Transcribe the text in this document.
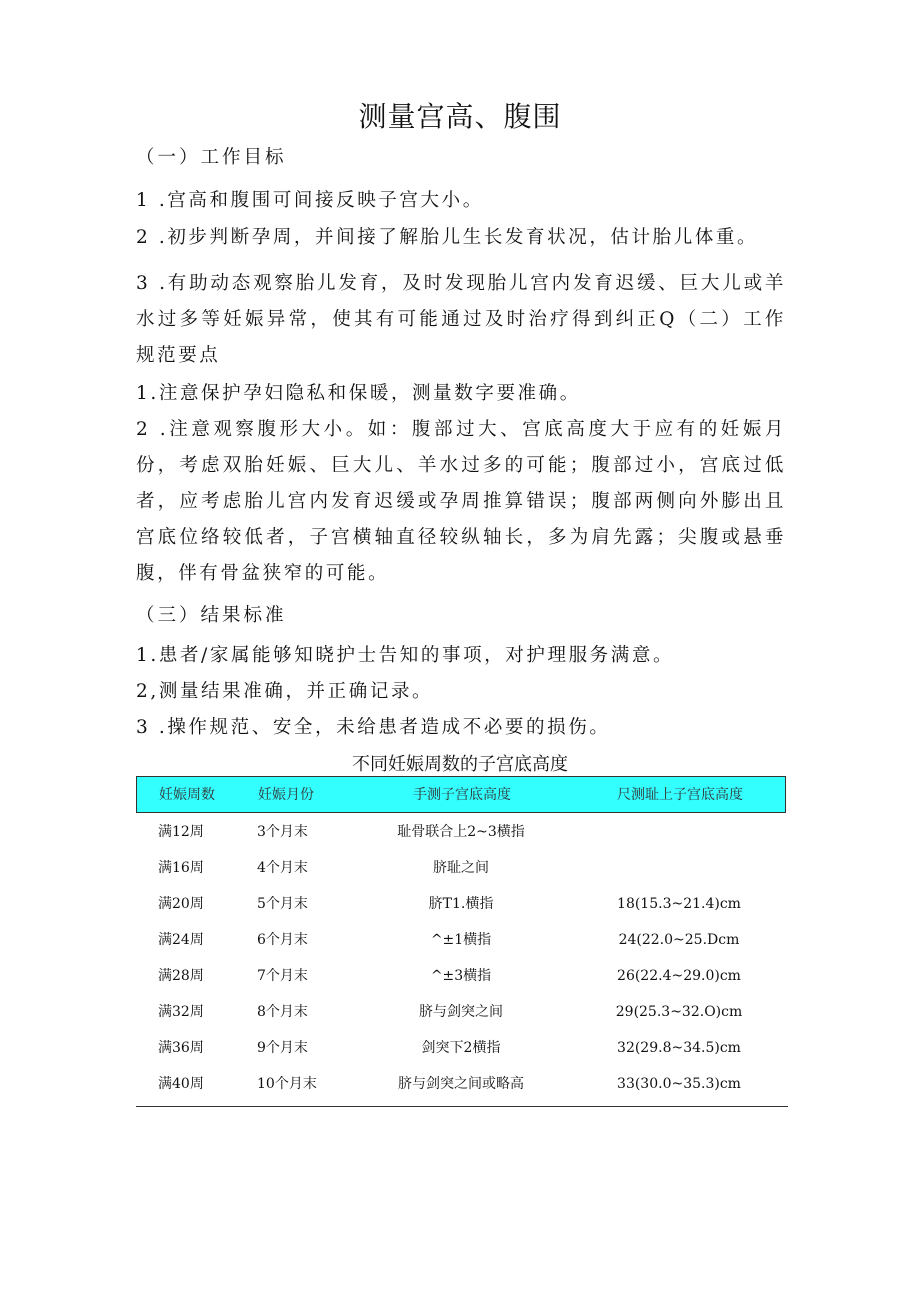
测量宫高、腹围
（一）工作目标
1 .宫高和腹围可间接反映子宫大小。
2 .初步判断孕周，并间接了解胎儿生长发育状况，估计胎儿体重。
3 .有助动态观察胎儿发育，及时发现胎儿宫内发育迟缓、巨大儿或羊水过多等妊娠异常，使其有可能通过及时治疗得到纠正Q（二）工作规范要点
1.注意保护孕妇隐私和保暖，测量数字要准确。
2 .注意观察腹形大小。如：腹部过大、宫底高度大于应有的妊娠月份，考虑双胎妊娠、巨大儿、羊水过多的可能；腹部过小，宫底过低者，应考虑胎儿宫内发育迟缓或孕周推算错误；腹部两侧向外膨出且宫底位络较低者，子宫横轴直径较纵轴长，多为肩先露；尖腹或悬垂腹，伴有骨盆狭窄的可能。
（三）结果标准
1.患者/家属能够知晓护士告知的事项，对护理服务满意。
2,测量结果准确，并正确记录。
3 .操作规范、安全，未给患者造成不必要的损伤。
不同妊娠周数的子宫底高度
妊娠周数	妊娠月份	手测子宫底高度	尺测耻上子宫底高度
满12周	3个月末	耻骨联合上2~3横指
满16周	4个月末	脐耻之间
满20周	5个月末	脐T1.横指	18(15.3~21.4)cm
满24周	6个月末	^±1横指	24(22.0~25.Dcm
满28周	7个月末	^±3横指	26(22.4~29.0)cm
满32周	8个月末	脐与剑突之间	29(25.3~32.O)cm
满36周	9个月末	剑突下2横指	32(29.8~34.5)cm
满40周	10个月末	脐与剑突之间或略高	33(30.0~35.3)cm
